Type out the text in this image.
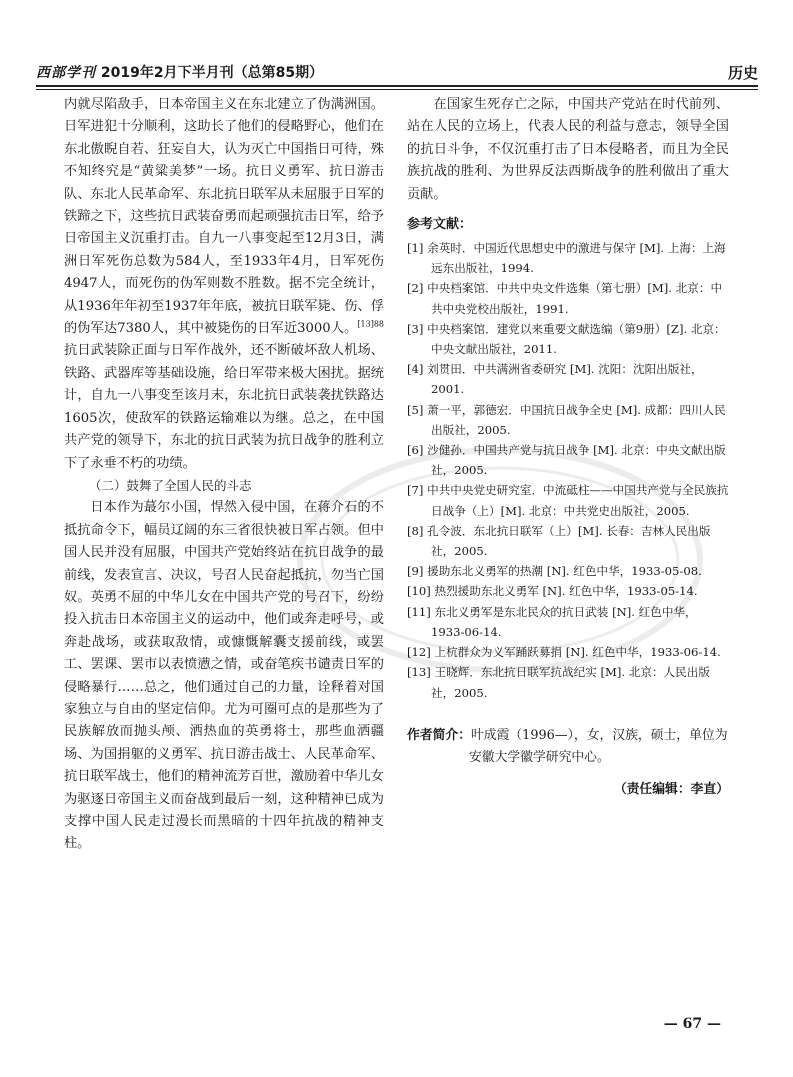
西部学刊 2019年2月下半月刊（总第85期）	历史

内就尽陷敌手，日本帝国主义在东北建立了伪满洲国。日军进犯十分顺利，这助长了他们的侵略野心，他们在东北傲睨自若、狂妄自大，认为灭亡中国指日可待，殊不知终究是“黄粱美梦”一场。抗日义勇军、抗日游击队、东北人民革命军、东北抗日联军从未屈服于日军的铁蹄之下，这些抗日武装奋勇而起顽强抗击日军，给予日帝国主义沉重打击。自九一八事变起至12月3日，满洲日军死伤总数为584人，至1933年4月，日军死伤4947人，而死伤的伪军则数不胜数。据不完全统计，从1936年年初至1937年年底，被抗日联军毙、伤、俘的伪军达7380人，其中被毙伤的日军近3000人。$^{[13]88}$抗日武装除正面与日军作战外，还不断破坏敌人机场、铁路、武器库等基础设施，给日军带来极大困扰。据统计，自九一八事变至该月末，东北抗日武装袭扰铁路达1605次，使敌军的铁路运输难以为继。总之，在中国共产党的领导下，东北的抗日武装为抗日战争的胜利立下了永垂不朽的功绩。

（二）鼓舞了全国人民的斗志

日本作为蕞尔小国，悍然入侵中国，在蒋介石的不抵抗命令下，幅员辽阔的东三省很快被日军占领。但中国人民并没有屈服，中国共产党始终站在抗日战争的最前线，发表宣言、决议，号召人民奋起抵抗，勿当亡国奴。英勇不屈的中华儿女在中国共产党的号召下，纷纷投入抗击日本帝国主义的运动中，他们或奔走呼号，或奔赴战场，或获取敌情，或慷慨解囊支援前线，或罢工、罢课、罢市以表愤懑之情，或奋笔疾书谴责日军的侵略暴行……总之，他们通过自己的力量，诠释着对国家独立与自由的坚定信仰。尤为可圈可点的是那些为了民族解放而抛头颅、洒热血的英勇将士，那些血洒疆场、为国捐躯的义勇军、抗日游击战士、人民革命军、抗日联军战士，他们的精神流芳百世，激励着中华儿女为驱逐日帝国主义而奋战到最后一刻，这种精神已成为支撑中国人民走过漫长而黑暗的十四年抗战的精神支柱。

在国家生死存亡之际，中国共产党站在时代前列、站在人民的立场上，代表人民的利益与意志，领导全国的抗日斗争，不仅沉重打击了日本侵略者，而且为全民族抗战的胜利、为世界反法西斯战争的胜利做出了重大贡献。

参考文献：
[1] 余英时．中国近代思想史中的激进与保守 [M]. 上海：上海远东出版社，1994.
[2] 中央档案馆．中共中央文件选集（第七册）[M]. 北京：中共中央党校出版社，1991.
[3] 中央档案馆．建党以来重要文献选编（第9册）[Z]. 北京：中央文献出版社，2011.
[4] 刘贯田．中共满洲省委研究 [M]. 沈阳：沈阳出版社，2001.
[5] 萧一平，郭德宏．中国抗日战争全史 [M]. 成都：四川人民出版社，2005.
[6] 沙健孙．中国共产党与抗日战争 [M]. 北京：中央文献出版社，2005.
[7] 中共中央党史研究室．中流砥柱——中国共产党与全民族抗日战争（上）[M]. 北京：中共党史出版社，2005.
[8] 孔令波．东北抗日联军（上）[M]. 长春：吉林人民出版社，2005.
[9] 援助东北义勇军的热潮 [N]. 红色中华，1933-05-08.
[10] 热烈援助东北义勇军 [N]. 红色中华，1933-05-14.
[11] 东北义勇军是东北民众的抗日武装 [N]. 红色中华，1933-06-14.
[12] 上杭群众为义军踊跃募捐 [N]. 红色中华，1933-06-14.
[13] 王晓辉．东北抗日联军抗战纪实 [M]. 北京：人民出版社，2005.
作者简介：叶成霞（1996—），女，汉族，硕士，单位为安徽大学徽学研究中心。
（责任编辑：李直）
— 67 —
